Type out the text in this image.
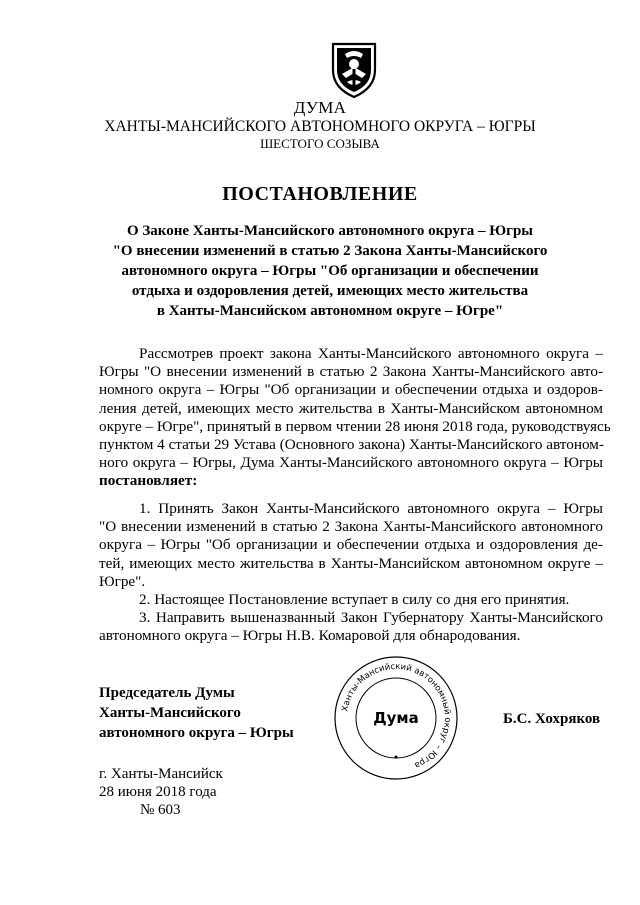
ДУМА
ХАНТЫ-МАНСИЙСКОГО АВТОНОМНОГО ОКРУГА – ЮГРЫ
ШЕСТОГО СОЗЫВА
ПОСТАНОВЛЕНИЕ
О Законе Ханты-Мансийского автономного округа – Югры
"О внесении изменений в статью 2 Закона Ханты-Мансийского
автономного округа – Югры "Об организации и обеспечении
отдыха и оздоровления детей, имеющих место жительства
в Ханты-Мансийском автономном округе – Югре"
Рассмотрев проект закона Ханты-Мансийского автономного округа –
Югры "О внесении изменений в статью 2 Закона Ханты-Мансийского авто-
номного округа – Югры "Об организации и обеспечении отдыха и оздоров-
ления детей, имеющих место жительства в Ханты-Мансийском автономном
округе – Югре", принятый в первом чтении 28 июня 2018 года, руководствуясь
пунктом 4 статьи 29 Устава (Основного закона) Ханты-Мансийского автоном-
ного округа – Югры, Дума Ханты-Мансийского автономного округа – Югры
постановляет:
1. Принять Закон Ханты-Мансийского автономного округа – Югры
"О внесении изменений в статью 2 Закона Ханты-Мансийского автономного
округа – Югры "Об организации и обеспечении отдыха и оздоровления де-
тей, имеющих место жительства в Ханты-Мансийском автономном округе –
Югре".
2. Настоящее Постановление вступает в силу со дня его принятия.
3. Направить вышеназванный Закон Губернатору Ханты-Мансийского
автономного округа – Югры Н.В. Комаровой для обнародования.
Председатель Думы
Ханты-Мансийского
автономного округа – Югры
Б.С. Хохряков
Ханты-Мансийский автономный округ – Югра
Дума
г. Ханты-Мансийск
28 июня 2018 года
№ 603
